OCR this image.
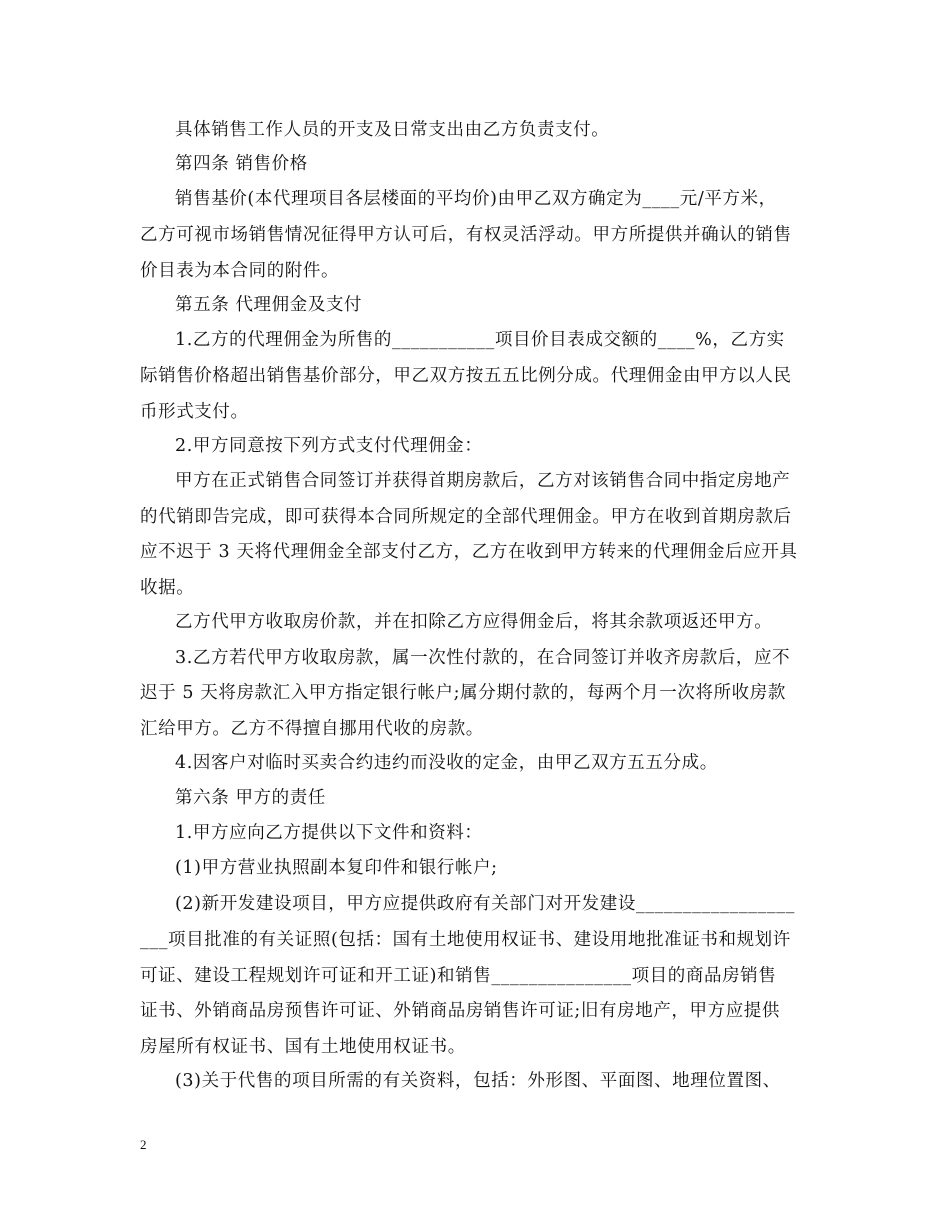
具体销售工作人员的开支及日常支出由乙方负责支付。
第四条 销售价格
销售基价(本代理项目各层楼面的平均价)由甲乙双方确定为____元/平方米，
乙方可视市场销售情况征得甲方认可后，有权灵活浮动。甲方所提供并确认的销售
价目表为本合同的附件。
第五条 代理佣金及支付
1.乙方的代理佣金为所售的___________项目价目表成交额的____%，乙方实
际销售价格超出销售基价部分，甲乙双方按五五比例分成。代理佣金由甲方以人民
币形式支付。
2.甲方同意按下列方式支付代理佣金：
甲方在正式销售合同签订并获得首期房款后，乙方对该销售合同中指定房地产
的代销即告完成，即可获得本合同所规定的全部代理佣金。甲方在收到首期房款后
应不迟于 3 天将代理佣金全部支付乙方，乙方在收到甲方转来的代理佣金后应开具
收据。
乙方代甲方收取房价款，并在扣除乙方应得佣金后，将其余款项返还甲方。
3.乙方若代甲方收取房款，属一次性付款的，在合同签订并收齐房款后，应不
迟于 5 天将房款汇入甲方指定银行帐户;属分期付款的，每两个月一次将所收房款
汇给甲方。乙方不得擅自挪用代收的房款。
4.因客户对临时买卖合约违约而没收的定金，由甲乙双方五五分成。
第六条 甲方的责任
1.甲方应向乙方提供以下文件和资料：
(1)甲方营业执照副本复印件和银行帐户;
(2)新开发建设项目，甲方应提供政府有关部门对开发建设_________________
___项目批准的有关证照(包括：国有土地使用权证书、建设用地批准证书和规划许
可证、建设工程规划许可证和开工证)和销售_______________项目的商品房销售
证书、外销商品房预售许可证、外销商品房销售许可证;旧有房地产，甲方应提供
房屋所有权证书、国有土地使用权证书。
(3)关于代售的项目所需的有关资料，包括：外形图、平面图、地理位置图、
2
